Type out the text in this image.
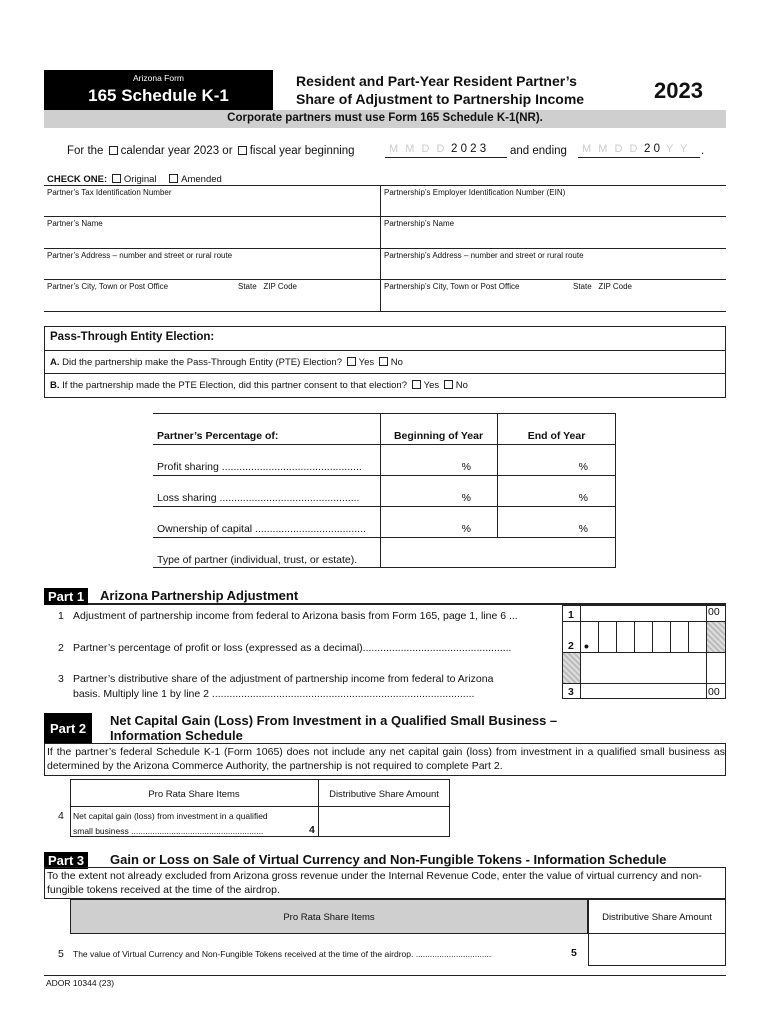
Arizona Form
165 Schedule K-1
Resident and Part-Year Resident Partner’s
Share of Adjustment to Partnership Income	2023
Corporate partners must use Form 165 Schedule K-1(NR).
For the calendar year 2023 or fiscal year beginning	M M D D 2 0 2 3 and ending M M D D 2 0 Y Y .
CHECK ONE: Original	Amended
Partner’s Tax Identification Number	Partnership’s Employer Identification Number (EIN)
Partner’s Name	Partnership’s Name
Partner’s Address – number and street or rural route	Partnership’s Address – number and street or rural route
Partner’s City, Town or Post Office	State   ZIP Code	Partnership’s City, Town or Post Office	State   ZIP Code
Pass-Through Entity Election:
A. Did the partnership make the Pass-Through Entity (PTE) Election? Yes No
B. If the partnership made the PTE Election, did this partner consent to that election? Yes No
Partner’s Percentage of:	Beginning of Year	End of Year
Profit sharing ................................................	%	%
Loss sharing ................................................	%	%
Ownership of capital ......................................	%	%
Type of partner (individual, trust, or estate).
Part 1	Arizona Partnership Adjustment
1 Adjustment of partnership income from federal to Arizona basis from Form 165, page 1, line 6 ...
2 Partner’s percentage of profit or loss (expressed as a decimal)...................................................
3 Partner’s distributive share of the adjustment of partnership income from federal to Arizona
basis. Multiply line 1 by line 2 ..........................................................................................
•
1	00
2
3	00
Part 2
Net Capital Gain (Loss) From Investment in a Qualified Small Business –
Information Schedule
If the partner’s federal Schedule K-1 (Form 1065) does not include any net capital gain (loss) from investment in a qualified small business as determined by the Arizona Commerce Authority, the partnership is not required to complete Part 2.
Pro Rata Share Items	Distributive Share Amount
4 Net capital gain (loss) from investment in a qualified
small business ........................................................	4
Part 3	Gain or Loss on Sale of Virtual Currency and Non-Fungible Tokens - Information Schedule
To the extent not already excluded from Arizona gross revenue under the Internal Revenue Code, enter the value of virtual currency and non-fungible tokens received at the time of the airdrop.
Pro Rata Share Items	Distributive Share Amount
5 The value of Virtual Currency and Non-Fungible Tokens received at the time of the airdrop. ................................	5
ADOR 10344 (23)
